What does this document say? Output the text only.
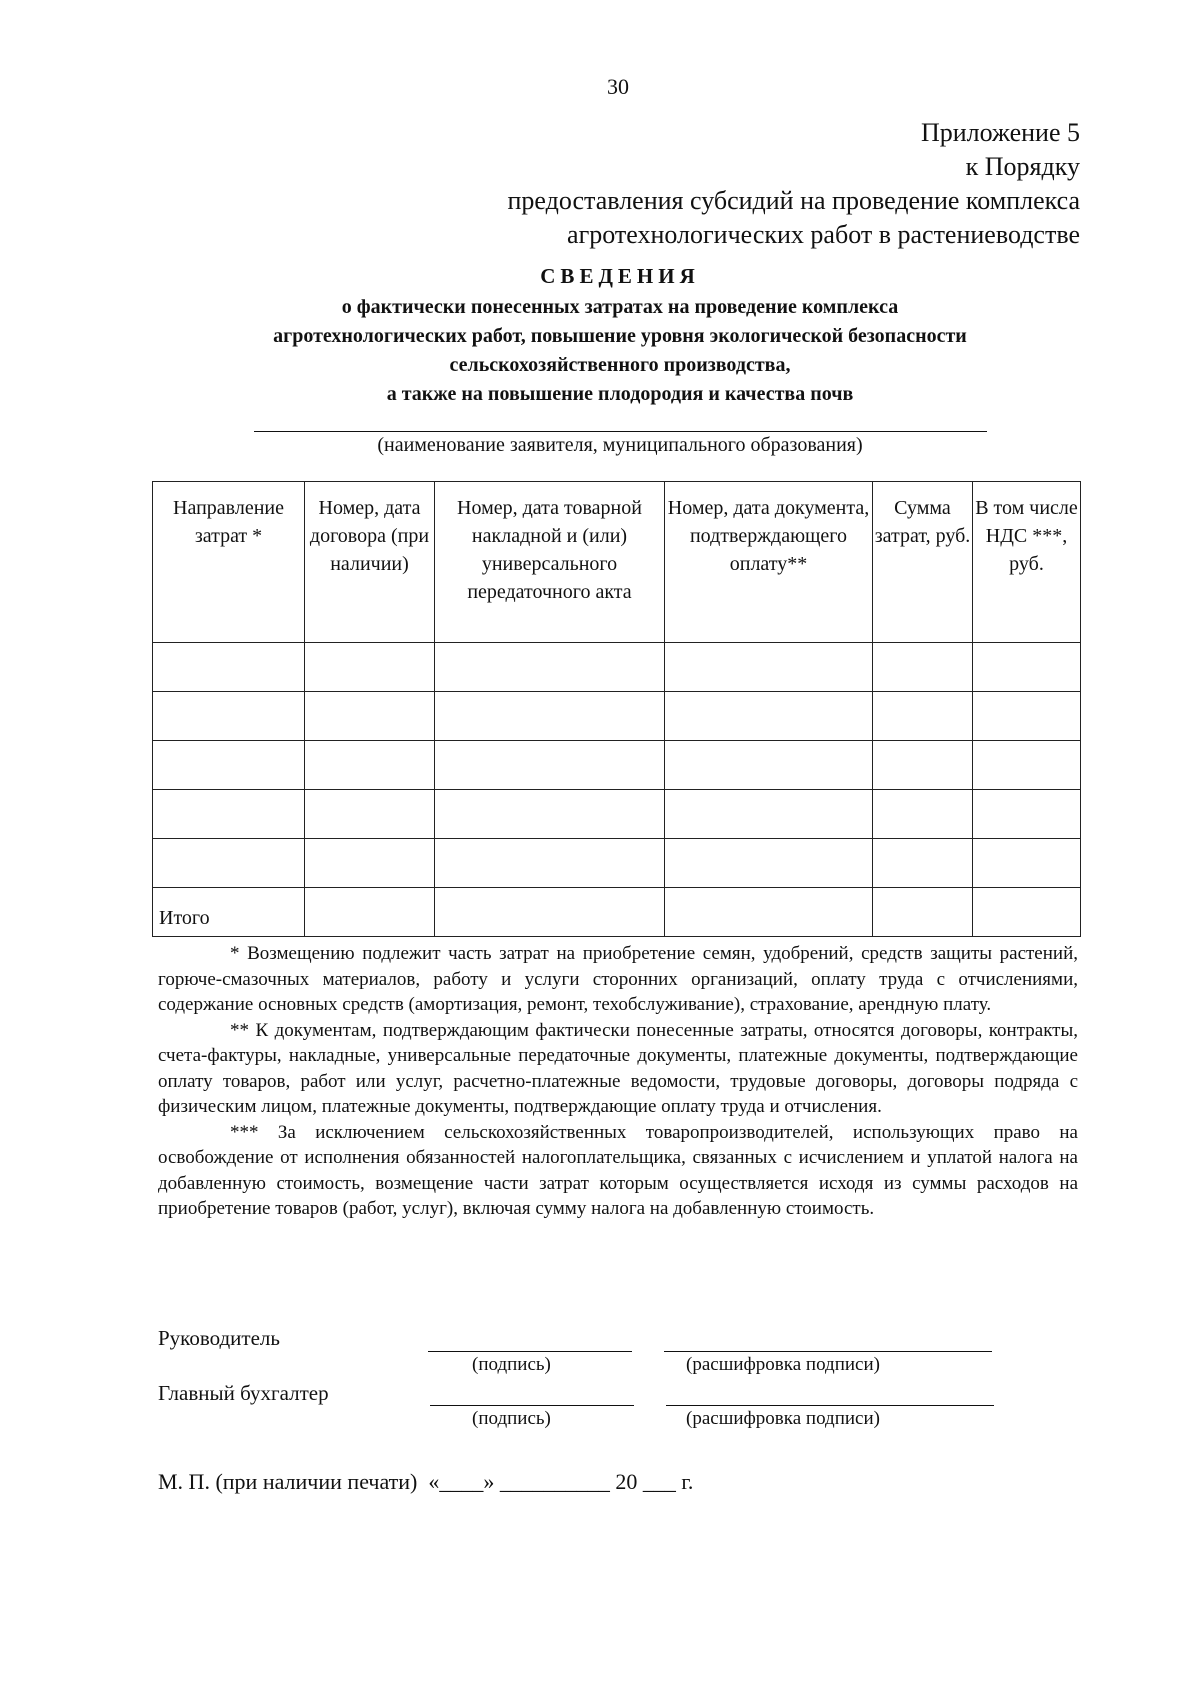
30
Приложение 5
к Порядку
предоставления субсидий на проведение комплекса
агротехнологических работ в растениеводстве
СВЕДЕНИЯ
о фактически понесенных затратах на проведение комплекса
агротехнологических работ, повышение уровня экологической безопасности
сельскохозяйственного производства,
а также на повышение плодородия и качества почв
(наименование заявителя, муниципального образования)
Направление затрат *	Номер, дата договора (при наличии)	Номер, дата товарной накладной и (или) универсального передаточного акта	Номер, дата документа, подтверждающего оплату**	Сумма затрат, руб.	В том числе НДС ***, руб.

Итого					

* Возмещению подлежит часть затрат на приобретение семян, удобрений, средств защиты растений, горюче-смазочных материалов, работу и услуги сторонних организаций, оплату труда с отчислениями, содержание основных средств (амортизация, ремонт, техобслуживание), страхование, арендную плату.

** К документам, подтверждающим фактически понесенные затраты, относятся договоры, контракты, счета-фактуры, накладные, универсальные передаточные документы, платежные документы, подтверждающие оплату товаров, работ или услуг, расчетно-платежные ведомости, трудовые договоры, договоры подряда с физическим лицом, платежные документы, подтверждающие оплату труда и отчисления.

*** За исключением сельскохозяйственных товаропроизводителей, использующих право на освобождение от исполнения обязанностей налогоплательщика, связанных с исчислением и уплатой налога на добавленную стоимость, возмещение части затрат которым осуществляется исходя из суммы расходов на приобретение товаров (работ, услуг), включая сумму налога на добавленную стоимость.

Руководитель
(подпись)	(расшифровка подписи)
Главный бухгалтер
(подпись)	(расшифровка подписи)
М. П. (при наличии печати)  «____» __________ 20 ___ г.
